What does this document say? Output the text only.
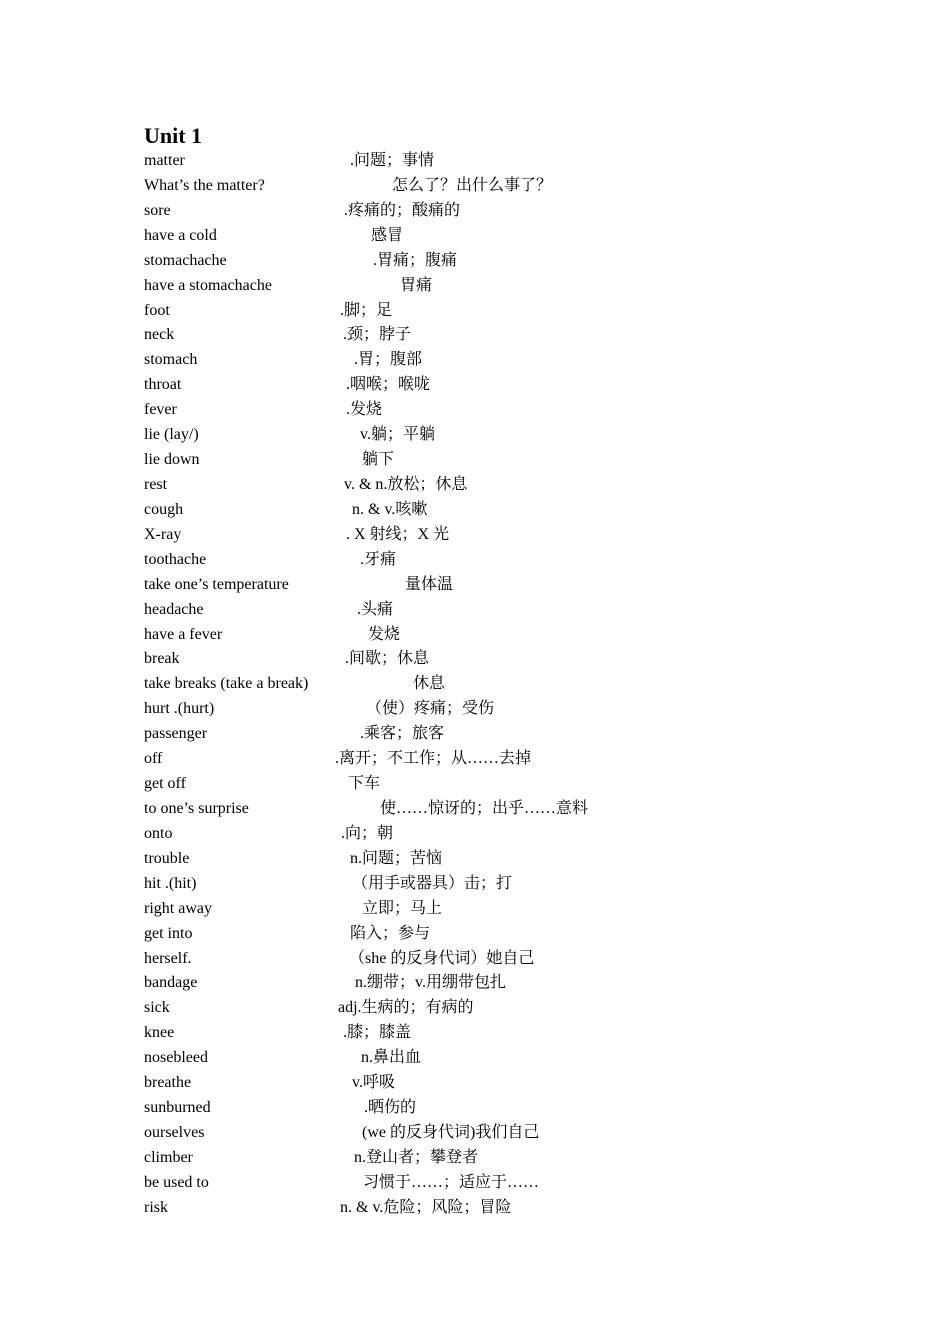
Unit 1
matter	.问题；事情
What’s the matter?	怎么了？出什么事了？
sore	.疼痛的；酸痛的
have a cold	感冒
stomachache	.胃痛；腹痛
have a stomachache	胃痛
foot	.脚；足
neck	.颈；脖子
stomach	.胃；腹部
throat	.咽喉；喉咙
fever	.发烧
lie (lay/)	v.躺；平躺
lie down	躺下
rest	v. & n.放松；休息
cough	n. & v.咳嗽
X-ray	. X 射线；X 光
toothache	.牙痛
take one’s temperature	量体温
headache	.头痛
have a fever	发烧
break	.间歇；休息
take breaks (take a break)	休息
hurt .(hurt)	（使）疼痛；受伤
passenger	.乘客；旅客
off	.离开；不工作；从……去掉
get off	下车
to one’s surprise	使……惊讶的；出乎……意料
onto	.向；朝
trouble	n.问题；苦恼
hit .(hit)	（用手或器具）击；打
right away	立即；马上
get into	陷入；参与
herself.	（she 的反身代词）她自己
bandage	n.绷带；v.用绷带包扎
sick	adj.生病的；有病的
knee	.膝；膝盖
nosebleed	n.鼻出血
breathe	v.呼吸
sunburned	.晒伤的
ourselves	(we 的反身代词)我们自己
climber	n.登山者；攀登者
be used to	习惯于……；适应于……
risk	n. & v.危险；风险；冒险
